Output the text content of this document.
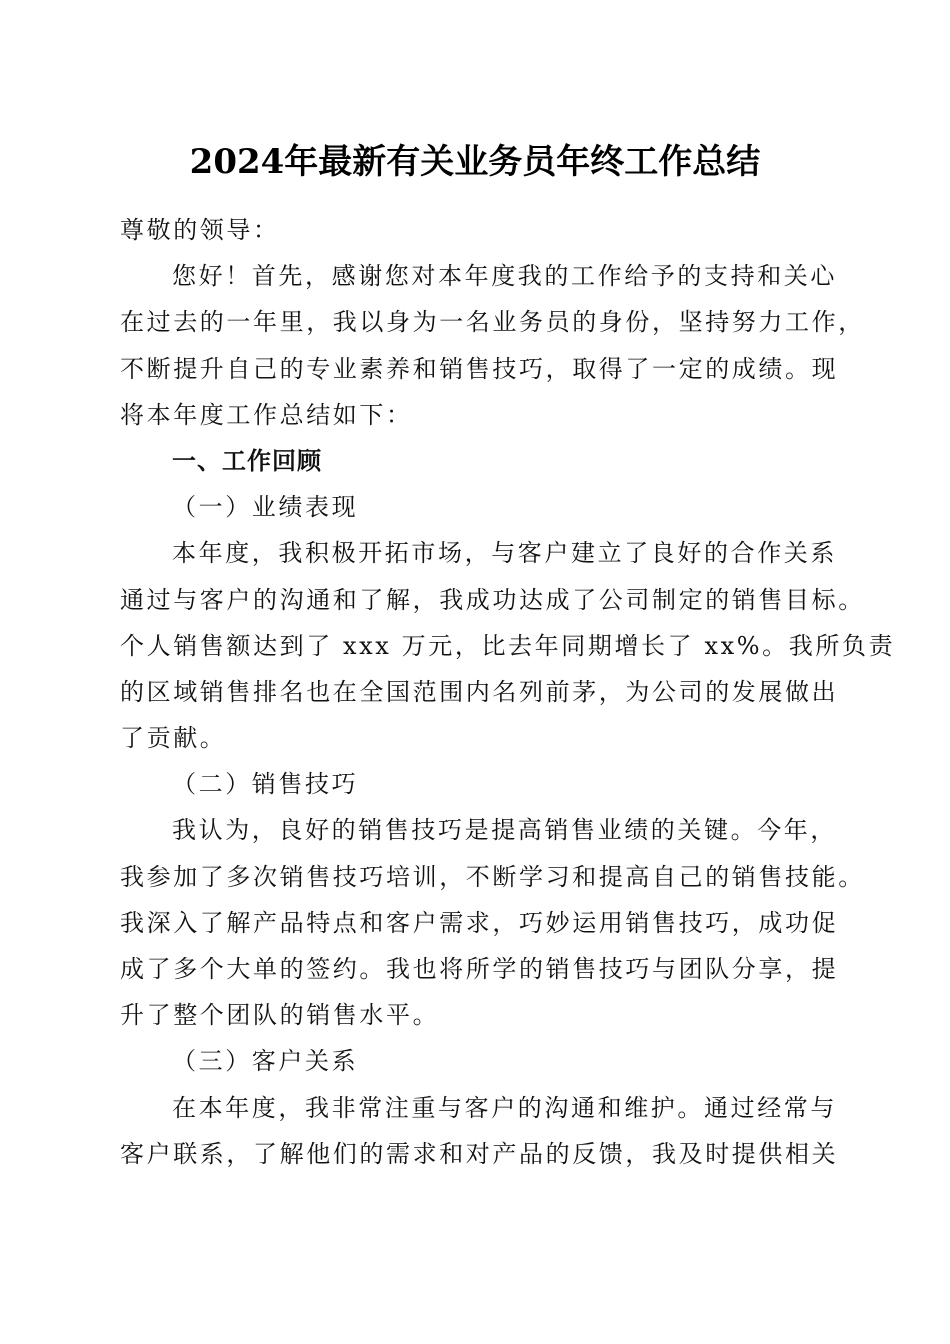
2024年最新有关业务员年终工作总结
尊敬的领导：
您好！首先，感谢您对本年度我的工作给予的支持和关心
在过去的一年里，我以身为一名业务员的身份，坚持努力工作，
不断提升自己的专业素养和销售技巧，取得了一定的成绩。现
将本年度工作总结如下：
一、工作回顾
（一）业绩表现
本年度，我积极开拓市场，与客户建立了良好的合作关系
通过与客户的沟通和了解，我成功达成了公司制定的销售目标。
个人销售额达到了 xxx 万元，比去年同期增长了 xx%。我所负责
的区域销售排名也在全国范围内名列前茅，为公司的发展做出
了贡献。
（二）销售技巧
我认为，良好的销售技巧是提高销售业绩的关键。今年，
我参加了多次销售技巧培训，不断学习和提高自己的销售技能。
我深入了解产品特点和客户需求，巧妙运用销售技巧，成功促
成了多个大单的签约。我也将所学的销售技巧与团队分享，提
升了整个团队的销售水平。
（三）客户关系
在本年度，我非常注重与客户的沟通和维护。通过经常与
客户联系，了解他们的需求和对产品的反馈，我及时提供相关
